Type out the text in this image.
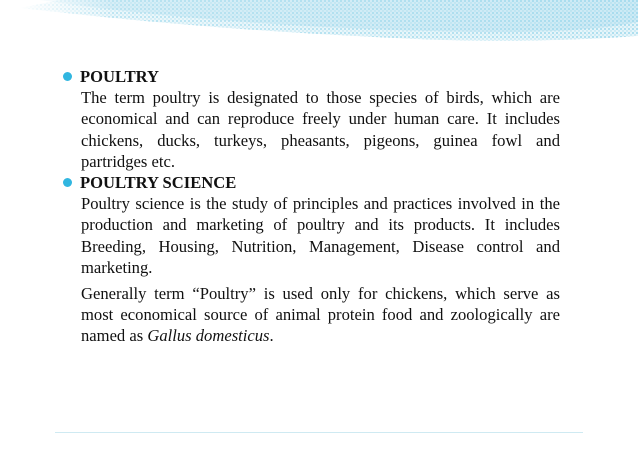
POULTRY

The term poultry is designated to those species of birds, which are economical and can reproduce freely under human care. It includes chickens, ducks, turkeys, pheasants, pigeons, guinea fowl and partridges etc.

POULTRY SCIENCE

Poultry science is the study of principles and practices involved in the production and marketing of poultry and its products. It includes Breeding, Housing, Nutrition, Management, Disease control and marketing.

Generally term “Poultry” is used only for chickens, which serve as most economical source of animal protein food and zoologically are named as Gallus domesticus.
